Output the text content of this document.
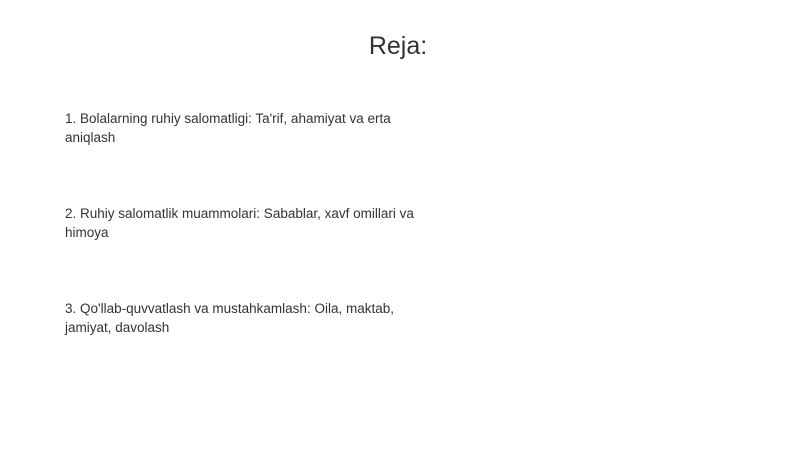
Reja:
1. Bolalarning ruhiy salomatligi: Ta'rif, ahamiyat va erta aniqlash
2. Ruhiy salomatlik muammolari: Sabablar, xavf omillari va himoya
3. Qo'llab-quvvatlash va mustahkamlash: Oila, maktab, jamiyat, davolash
